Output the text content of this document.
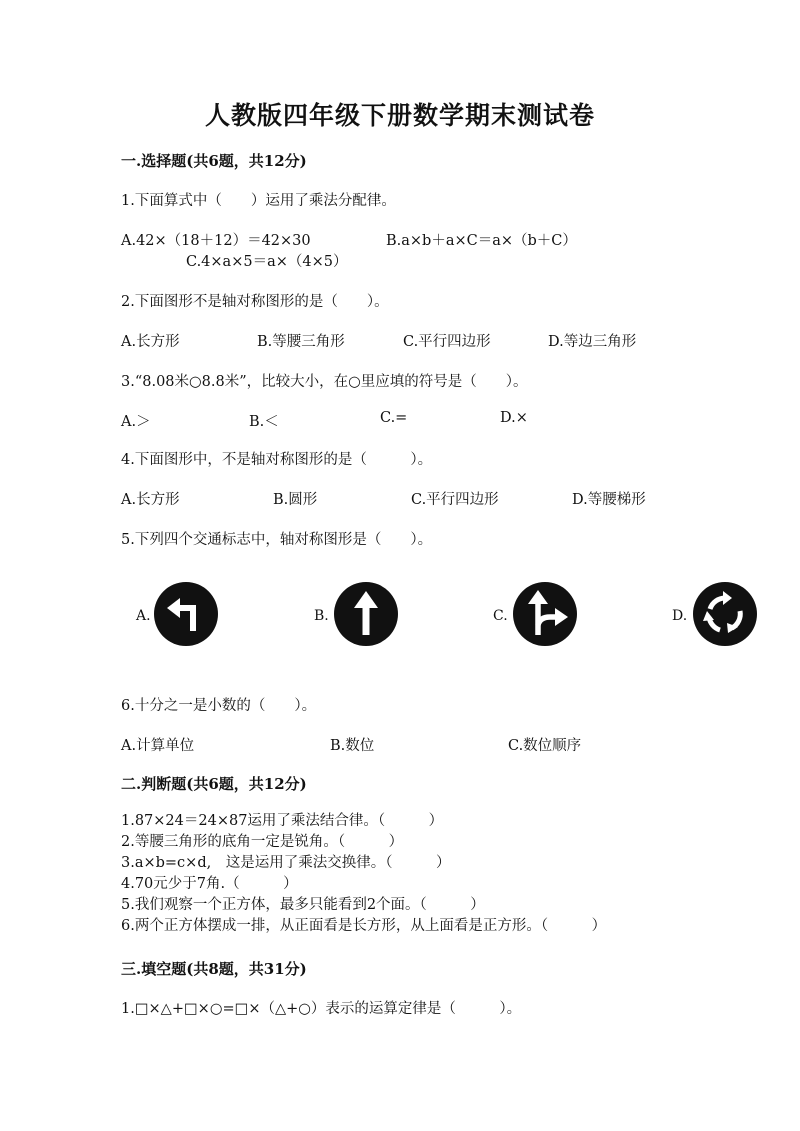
人教版四年级下册数学期末测试卷
一.选择题(共6题，共12分)
1.下面算式中（　　）运用了乘法分配律。
A.42×（18＋12）＝42×30	B.a×b＋a×C＝a×（b＋C）
C.4×a×5＝a×（4×5）
2.下面图形不是轴对称图形的是（　　）。
A.长方形	B.等腰三角形	C.平行四边形	D.等边三角形
3.“8.08米○8.8米”，比较大小，在○里应填的符号是（　　）。
A.＞	B.＜	C.=	D.×
4.下面图形中，不是轴对称图形的是（　　　）。
A.长方形	B.圆形	C.平行四边形	D.等腰梯形
5.下列四个交通标志中，轴对称图形是（　　）。
A.	B.	C.	D.
6.十分之一是小数的（　　）。
A.计算单位	B.数位	C.数位顺序
二.判断题(共6题，共12分)
1.87×24＝24×87运用了乘法结合律。（　　　）
2.等腰三角形的底角一定是锐角。（　　　）
3.a×b=c×d,　这是运用了乘法交换律。（　　　）
4.70元少于7角.（　　　）
5.我们观察一个正方体，最多只能看到2个面。（　　　）
6.两个正方体摆成一排，从正面看是长方形，从上面看是正方形。（　　　）
三.填空题(共8题，共31分)
1.□×△+□×○=□×（△+○）表示的运算定律是（　　　）。
